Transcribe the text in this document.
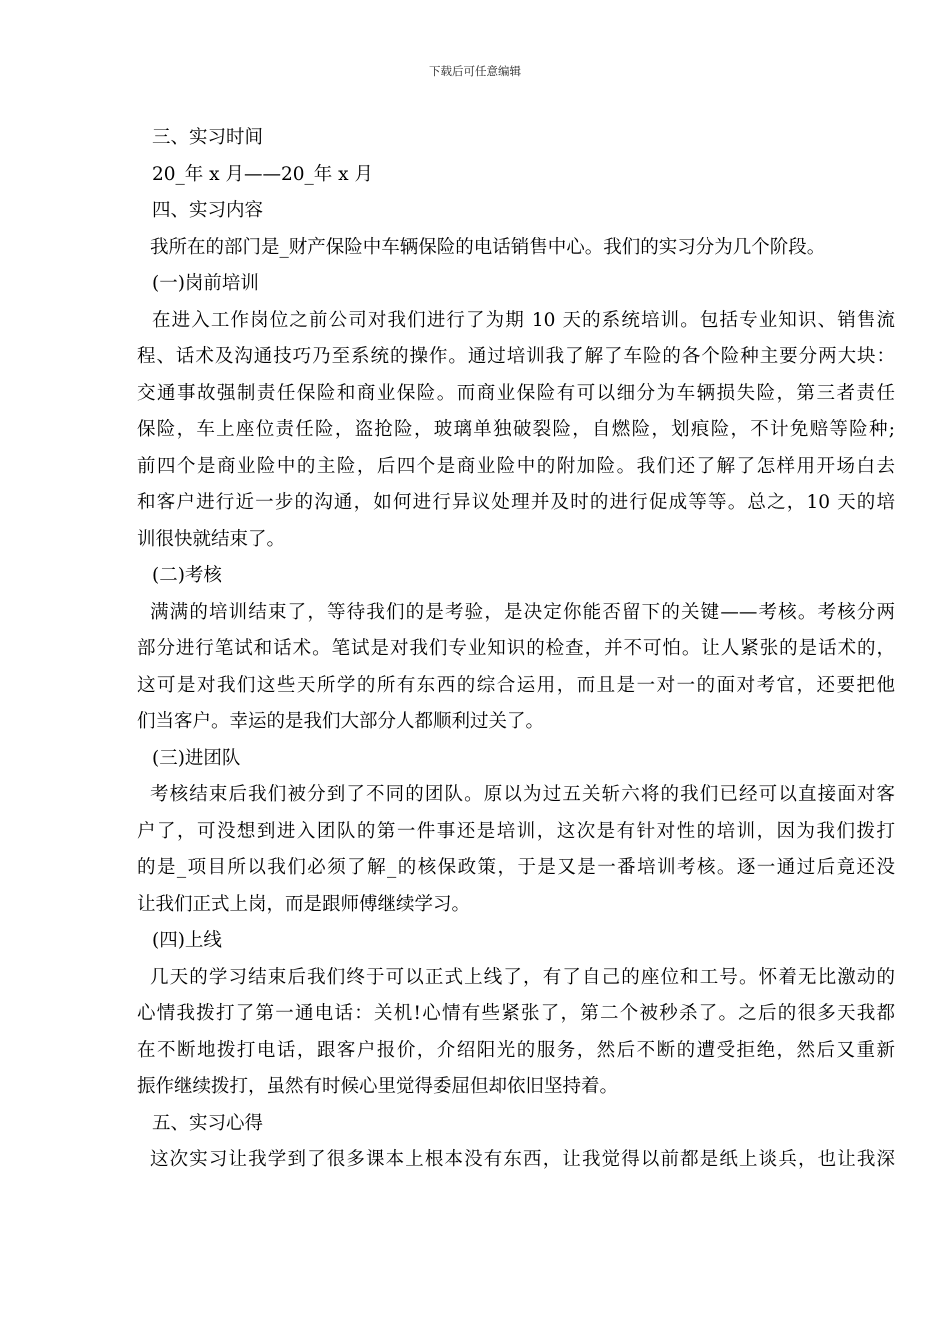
下载后可任意编辑
三、实习时间
20_年 x 月——20_年 x 月
四、实习内容
我所在的部门是_财产保险中车辆保险的电话销售中心。我们的实习分为几个阶段。
(一)岗前培训
在进入工作岗位之前公司对我们进行了为期 10 天的系统培训。包括专业知识、销售流
程、话术及沟通技巧乃至系统的操作。通过培训我了解了车险的各个险种主要分两大块：
交通事故强制责任保险和商业保险。而商业保险有可以细分为车辆损失险，第三者责任
保险，车上座位责任险，盗抢险，玻璃单独破裂险，自燃险，划痕险，不计免赔等险种;
前四个是商业险中的主险，后四个是商业险中的附加险。我们还了解了怎样用开场白去
和客户进行近一步的沟通，如何进行异议处理并及时的进行促成等等。总之，10 天的培
训很快就结束了。
(二)考核
满满的培训结束了，等待我们的是考验，是决定你能否留下的关键——考核。考核分两
部分进行笔试和话术。笔试是对我们专业知识的检查，并不可怕。让人紧张的是话术的，
这可是对我们这些天所学的所有东西的综合运用，而且是一对一的面对考官，还要把他
们当客户。幸运的是我们大部分人都顺利过关了。
(三)进团队
考核结束后我们被分到了不同的团队。原以为过五关斩六将的我们已经可以直接面对客
户了，可没想到进入团队的第一件事还是培训，这次是有针对性的培训，因为我们拨打
的是_项目所以我们必须了解_的核保政策，于是又是一番培训考核。逐一通过后竟还没
让我们正式上岗，而是跟师傅继续学习。
(四)上线
几天的学习结束后我们终于可以正式上线了，有了自己的座位和工号。怀着无比激动的
心情我拨打了第一通电话：关机!心情有些紧张了，第二个被秒杀了。之后的很多天我都
在不断地拨打电话，跟客户报价，介绍阳光的服务，然后不断的遭受拒绝，然后又重新
振作继续拨打，虽然有时候心里觉得委屈但却依旧坚持着。
五、实习心得
这次实习让我学到了很多课本上根本没有东西，让我觉得以前都是纸上谈兵，也让我深
